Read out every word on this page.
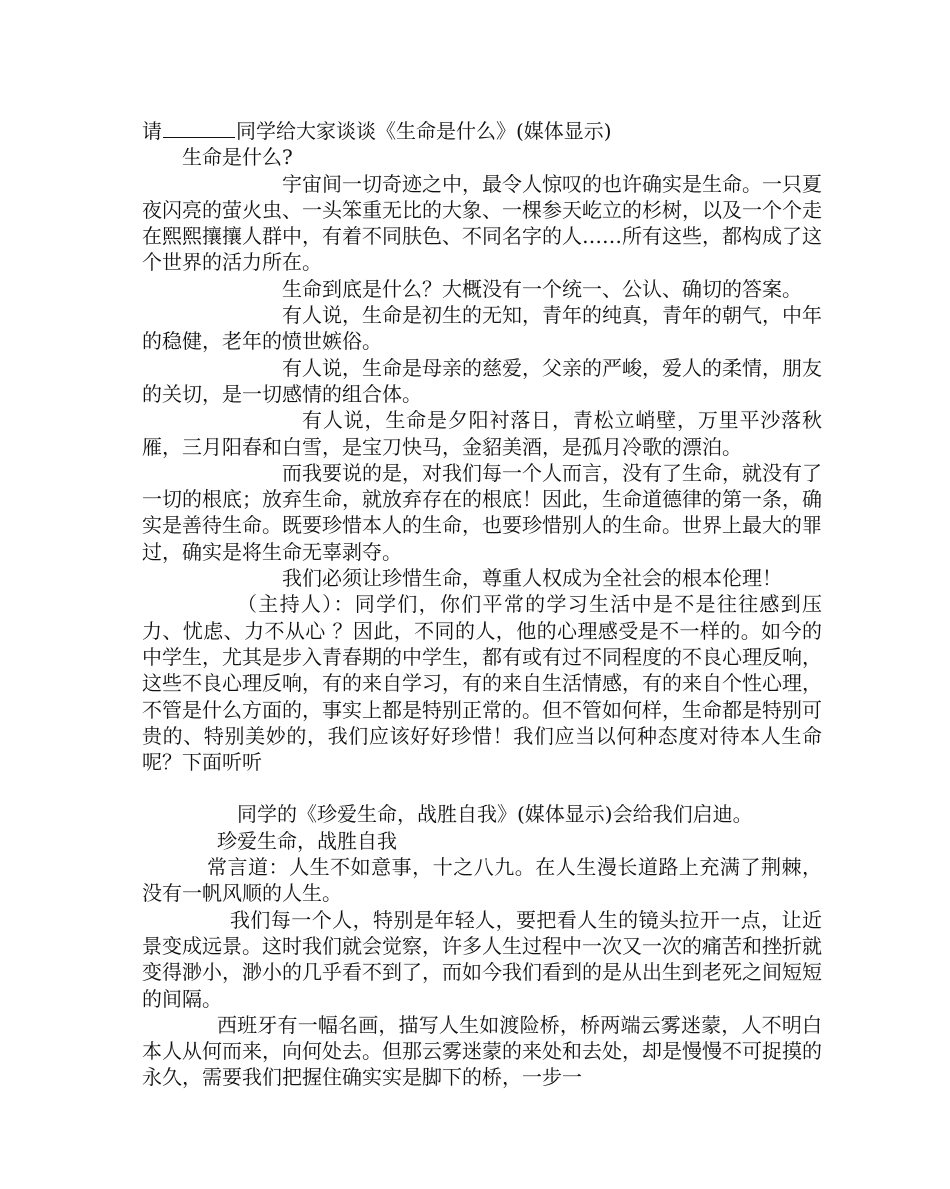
请	同学给大家谈谈《生命是什么》(媒体显示)

生命是什么?

宇宙间一切奇迹之中，最令人惊叹的也许确实是生命。一只夏夜闪亮的萤火虫、一头笨重无比的大象、一棵参天屹立的杉树，以及一个个走在熙熙攘攘人群中，有着不同肤色、不同名字的人……所有这些，都构成了这个世界的活力所在。

生命到底是什么？大概没有一个统一、公认、确切的答案。

有人说，生命是初生的无知，青年的纯真，青年的朝气，中年的稳健，老年的愤世嫉俗。

有人说，生命是母亲的慈爱，父亲的严峻，爱人的柔情，朋友的关切，是一切感情的组合体。

有人说，生命是夕阳衬落日，青松立峭壁，万里平沙落秋雁，三月阳春和白雪，是宝刀快马，金貂美酒，是孤月冷歌的漂泊。

而我要说的是，对我们每一个人而言，没有了生命，就没有了一切的根底；放弃生命，就放弃存在的根底！因此，生命道德律的第一条，确实是善待生命。既要珍惜本人的生命，也要珍惜别人的生命。世界上最大的罪过，确实是将生命无辜剥夺。

我们必须让珍惜生命，尊重人权成为全社会的根本伦理！

（主持人）：同学们，你们平常的学习生活中是不是往往感到压力、忧虑、力不从心 ？因此，不同的人，他的心理感受是不一样的。如今的中学生，尤其是步入青春期的中学生，都有或有过不同程度的不良心理反响，这些不良心理反响，有的来自学习，有的来自生活情感，有的来自个性心理，不管是什么方面的，事实上都是特别正常的。但不管如何样，生命都是特别可贵的、特别美妙的，我们应该好好珍惜！我们应当以何种态度对待本人生命呢？下面听听

同学的《珍爱生命，战胜自我》(媒体显示)会给我们启迪。

珍爱生命，战胜自我

常言道：人生不如意事，十之八九。在人生漫长道路上充满了荆棘，没有一帆风顺的人生。

我们每一个人，特别是年轻人，要把看人生的镜头拉开一点，让近景变成远景。这时我们就会觉察，许多人生过程中一次又一次的痛苦和挫折就变得渺小，渺小的几乎看不到了，而如今我们看到的是从出生到老死之间短短的间隔。

西班牙有一幅名画，描写人生如渡险桥，桥两端云雾迷蒙，人不明白本人从何而来，向何处去。但那云雾迷蒙的来处和去处，却是慢慢不可捉摸的永久，需要我们把握住确实实是脚下的桥，一步一
